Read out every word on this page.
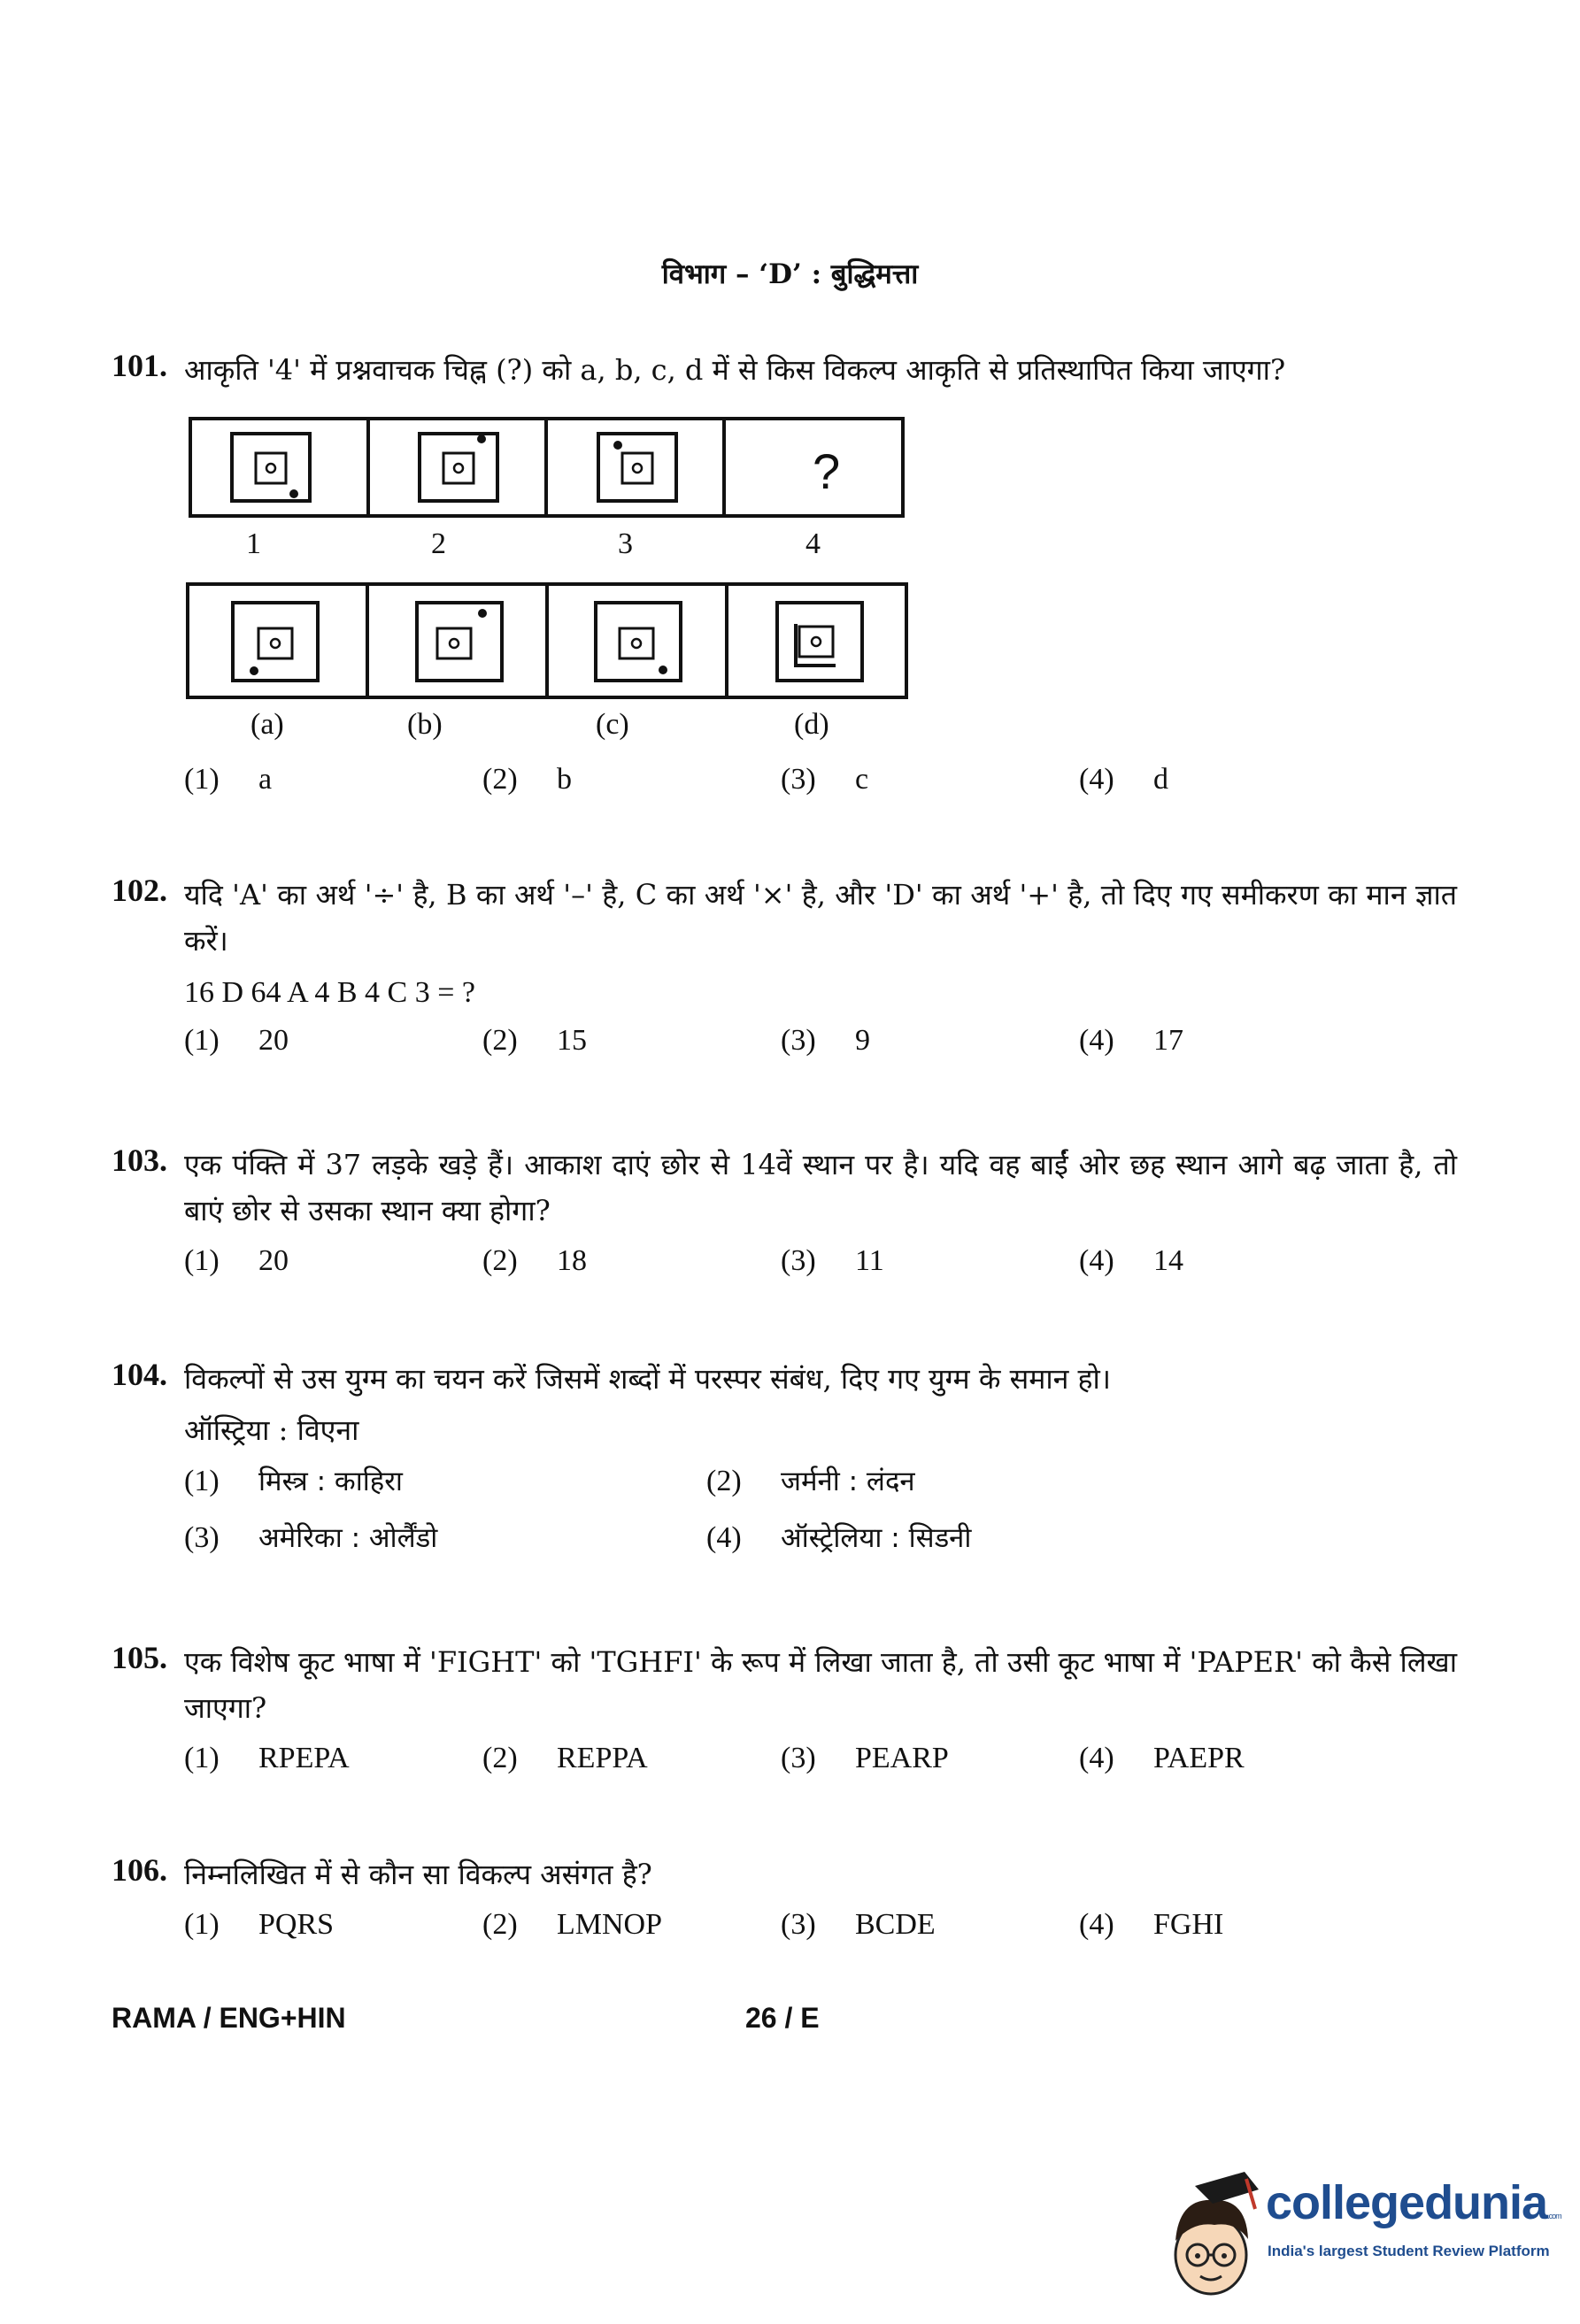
विभाग – ‘D’ : बुद्धिमत्ता
101. आकृति '4' में प्रश्नवाचक चिह्न (?) को a, b, c, d में से किस विकल्प आकृति से प्रतिस्थापित किया जाएगा?
?
1	2	3	4
(a)	(b)	(c)	(d)
(1) a	(2) b	(3) c	(4) d
102. यदि 'A' का अर्थ '÷' है, B का अर्थ '–' है, C का अर्थ '×' है, और 'D' का अर्थ '+' है, तो दिए गए समीकरण का मान ज्ञात करें।
16 D 64 A 4 B 4 C 3 = ?
(1) 20	(2) 15	(3) 9	(4) 17
103. एक पंक्ति में 37 लड़के खड़े हैं। आकाश दाएं छोर से 14वें स्थान पर है। यदि वह बाईं ओर छह स्थान आगे बढ़ जाता है, तो बाएं छोर से उसका स्थान क्या होगा?
(1) 20	(2) 18	(3) 11	(4) 14
104. विकल्पों से उस युग्म का चयन करें जिसमें शब्दों में परस्पर संबंध, दिए गए युग्म के समान हो।
ऑस्ट्रिया : विएना
(1) मिस्त्र : काहिरा	(2) जर्मनी : लंदन
(3) अमेरिका : ओर्लैंडो	(4) ऑस्ट्रेलिया : सिडनी
105. एक विशेष कूट भाषा में 'FIGHT' को 'TGHFI' के रूप में लिखा जाता है, तो उसी कूट भाषा में 'PAPER' को कैसे लिखा जाएगा?
(1) RPEPA	(2) REPPA	(3) PEARP	(4) PAEPR
106. निम्नलिखित में से कौन सा विकल्प असंगत है?
(1) PQRS	(2) LMNOP	(3) BCDE	(4) FGHI
RAMA / ENG+HIN	26 / E
collegedunia.com
India's largest Student Review Platform
